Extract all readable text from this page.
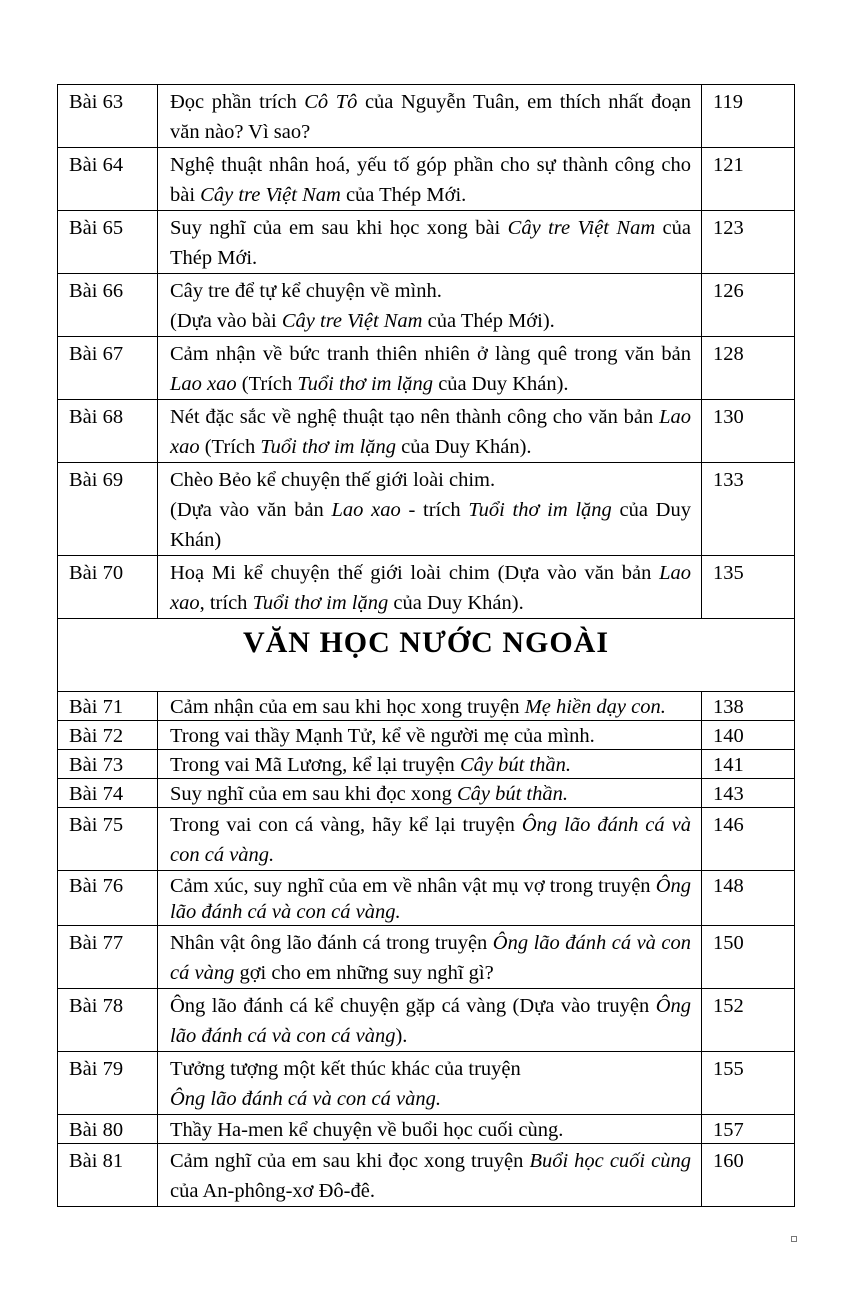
Bài 63	Đọc phần trích Cô Tô của Nguyễn Tuân, em thích nhất đoạn văn nào? Vì sao?	119
Bài 64	Nghệ thuật nhân hoá, yếu tố góp phần cho sự thành công cho bài Cây tre Việt Nam của Thép Mới.	121
Bài 65	Suy nghĩ của em sau khi học xong bài Cây tre Việt Nam của Thép Mới.	123
Bài 66	Cây tre để tự kể chuyện về mình.
(Dựa vào bài Cây tre Việt Nam của Thép Mới).	126
Bài 67	Cảm nhận về bức tranh thiên nhiên ở làng quê trong văn bản Lao xao (Trích Tuổi thơ im lặng của Duy Khán).	128
Bài 68	Nét đặc sắc về nghệ thuật tạo nên thành công cho văn bản Lao xao (Trích Tuổi thơ im lặng của Duy Khán).	130
Bài 69	Chèo Bẻo kể chuyện thế giới loài chim.
(Dựa vào văn bản Lao xao - trích Tuổi thơ im lặng của Duy Khán)	133
Bài 70	Hoạ Mi kể chuyện thế giới loài chim (Dựa vào văn bản Lao xao, trích Tuổi thơ im lặng của Duy Khán).	135
VĂN HỌC NƯỚC NGOÀI		
Bài 71	Cảm nhận của em sau khi học xong truyện Mẹ hiền dạy con.	138
Bài 72	Trong vai thầy Mạnh Tử, kể về người mẹ của mình.	140
Bài 73	Trong vai Mã Lương, kể lại truyện Cây bút thần.	141
Bài 74	Suy nghĩ của em sau khi đọc xong Cây bút thần.	143
Bài 75	Trong vai con cá vàng, hãy kể lại truyện Ông lão đánh cá và con cá vàng.	146
Bài 76	Cảm xúc, suy nghĩ của em về nhân vật mụ vợ trong truyện Ông lão đánh cá và con cá vàng.	148
Bài 77	Nhân vật ông lão đánh cá trong truyện Ông lão đánh cá và con cá vàng gợi cho em những suy nghĩ gì?	150
Bài 78	Ông lão đánh cá kể chuyện gặp cá vàng (Dựa vào truyện Ông lão đánh cá và con cá vàng).	152
Bài 79	Tưởng tượng một kết thúc khác của truyện
Ông lão đánh cá và con cá vàng.	155
Bài 80	Thầy Ha-men kể chuyện về buổi học cuối cùng.	157
Bài 81	Cảm nghĩ của em sau khi đọc xong truyện Buổi học cuối cùng của An-phông-xơ Đô-đê.	160
